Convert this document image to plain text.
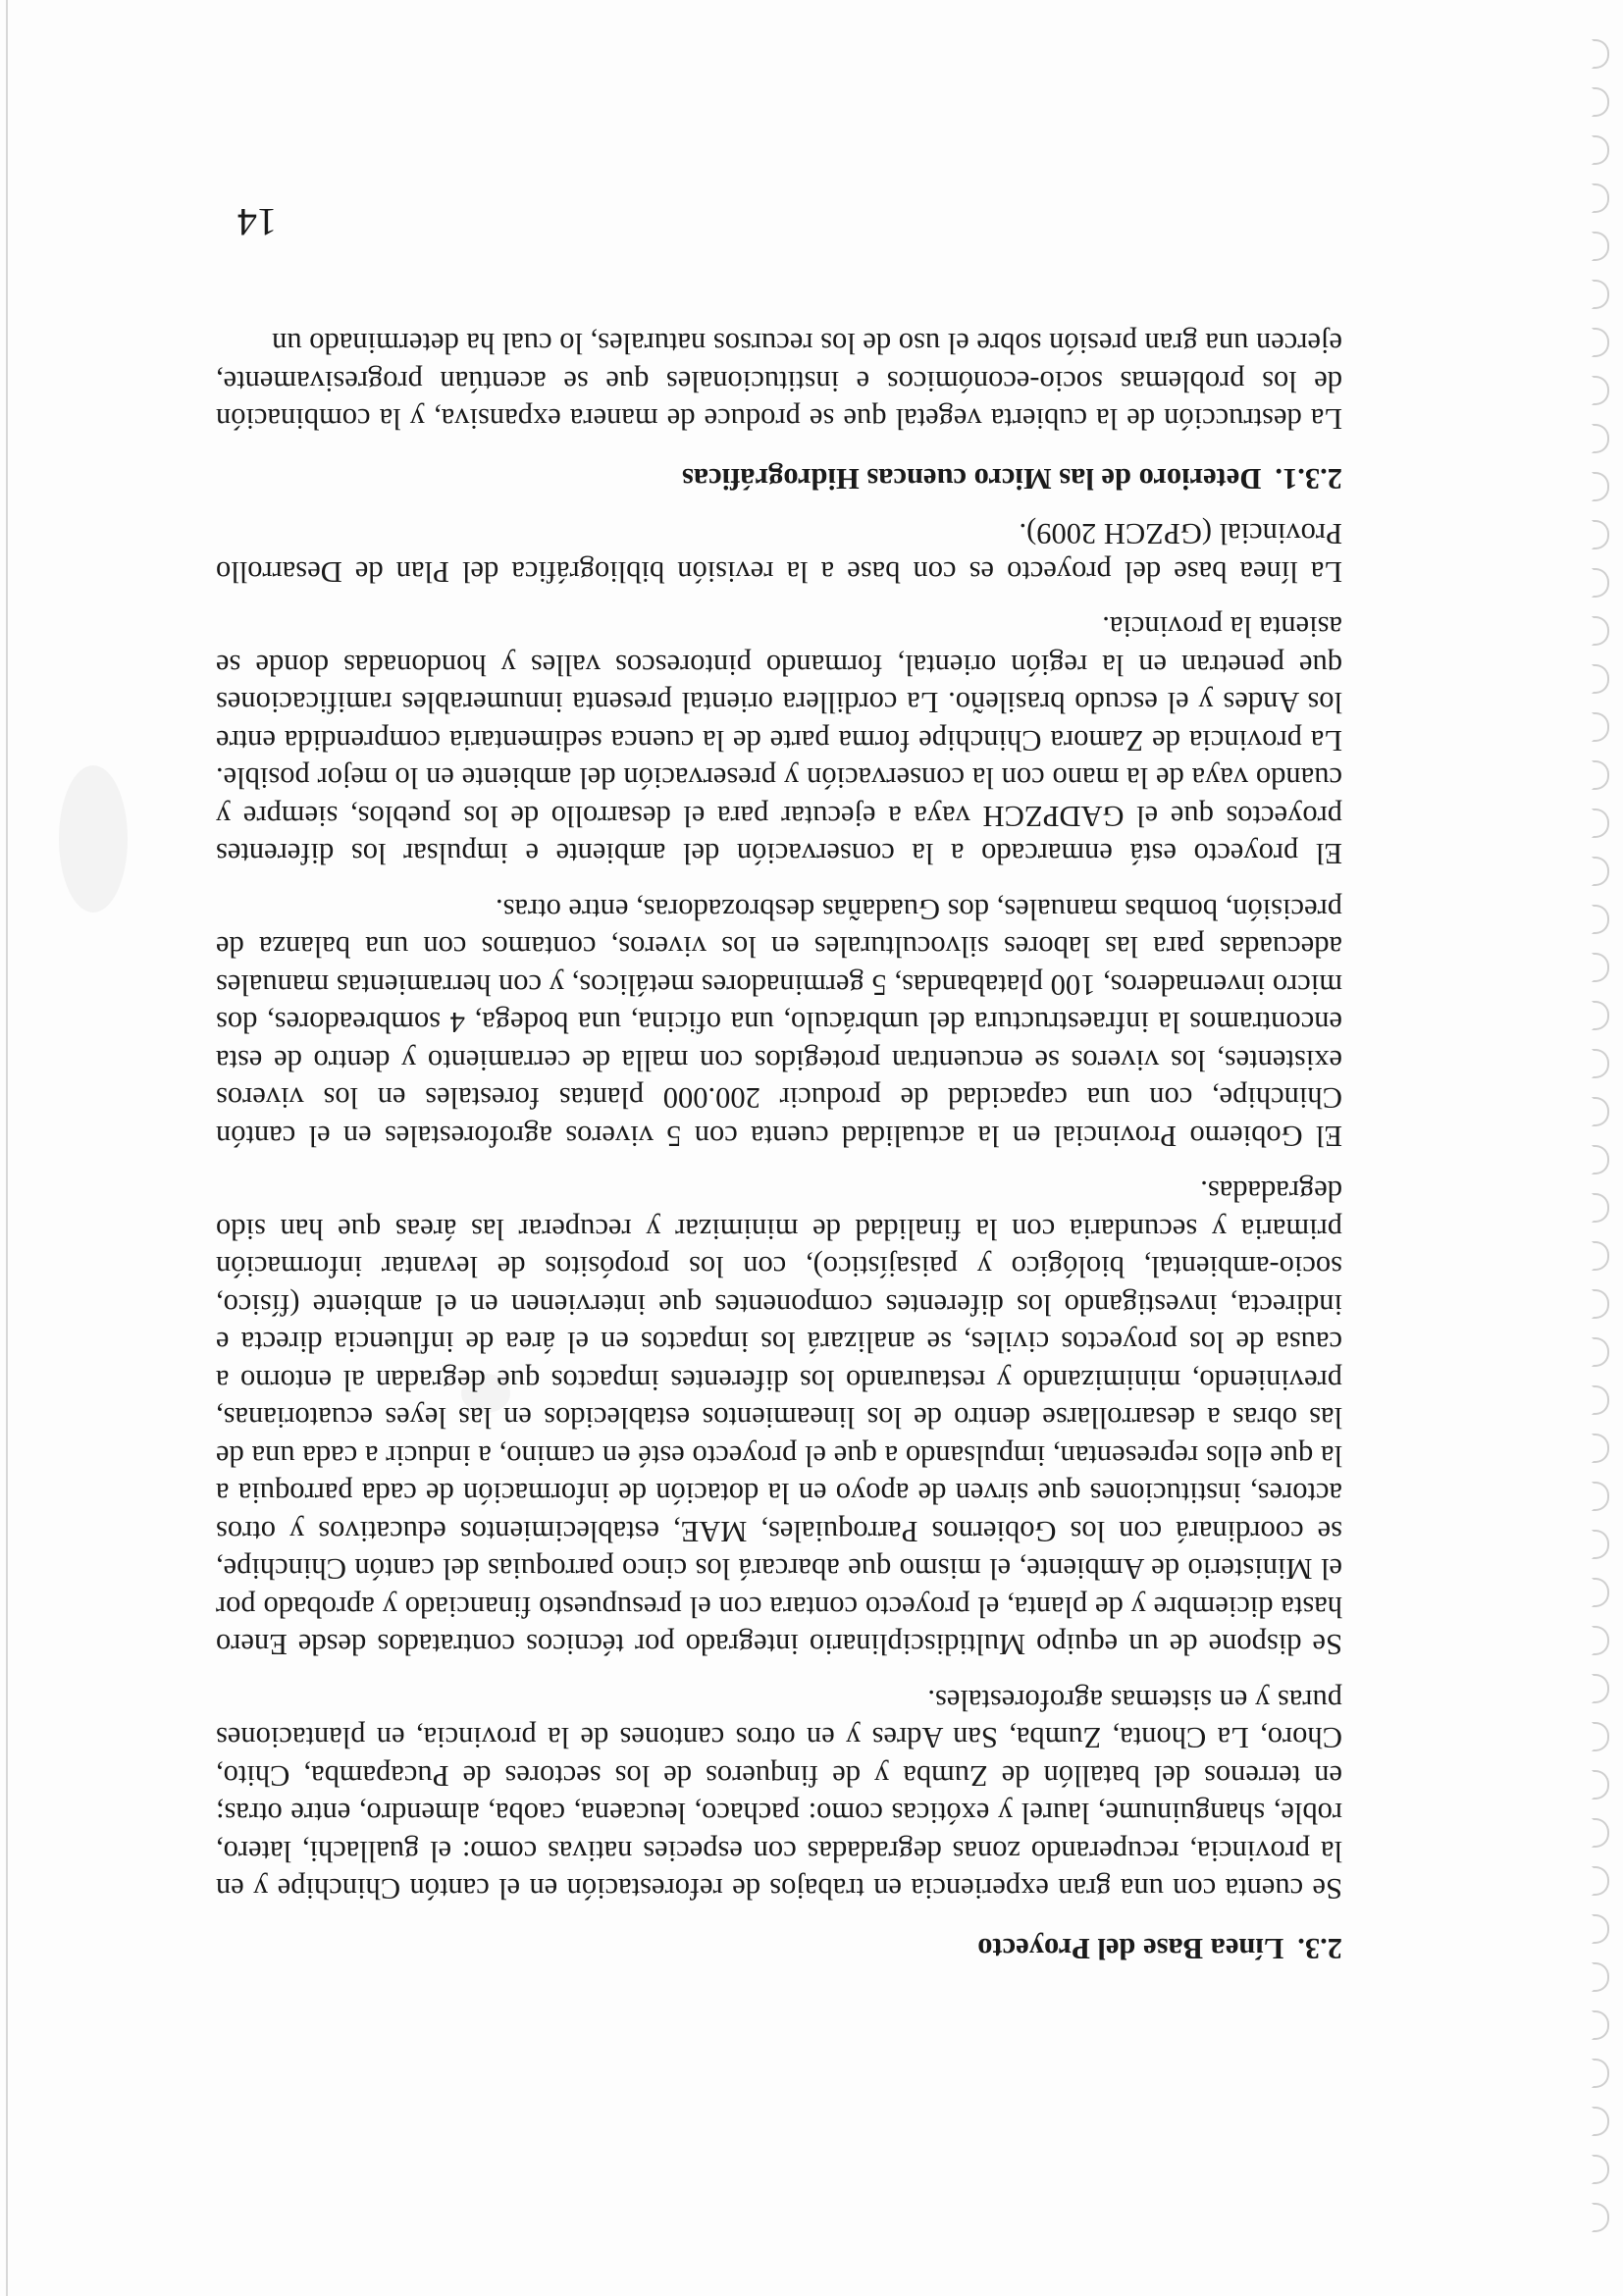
2.3.Línea Base del Proyecto

Se cuenta con una gran experiencia en trabajos de reforestación en el cantón Chinchipe y en la provincia, recuperando zonas degradadas con especies nativas como: el guallachi, latero, roble, shanguinume, laurel y exóticas como: pachaco, leucaena, caoba, almendro, entre otras; en terrenos del batallón de Zumba y de finqueros de los sectores de Pucapamba, Chito, Choro, La Chonta, Zumba, San Adres y en otros cantones de la provincia, en plantaciones puras y en sistemas agroforestales.

Se dispone de un equipo Multidisciplinario integrado por técnicos contratados desde Enero hasta diciembre y de planta, el proyecto contara con el presupuesto financiado y aprobado por el Ministerio de Ambiente, el mismo que abarcará los cinco parroquias del cantón Chinchipe, se coordinará con los Gobiernos Parroquiales, MAE, establecimientos educativos y otros actores, instituciones que sirven de apoyo en la dotación de información de cada parroquia a la que ellos representan, impulsando a que el proyecto esté en camino, a inducir a cada una de las obras a desarrollarse dentro de los lineamientos establecidos en las leyes ecuatorianas, previniendo, minimizando y restaurando los diferentes impactos que degradan al entorno a causa de los proyectos civiles, se analizará los impactos en el área de influencia directa e indirecta, investigando los diferentes componentes que intervienen en el ambiente (físico, socio-ambiental, biológico y paisajístico), con los propósitos de levantar información primaria y secundaria con la finalidad de minimizar y recuperar las áreas que han sido degradadas.

El Gobierno Provincial en la actualidad cuenta con 5 viveros agroforestales en el cantón Chinchipe, con una capacidad de producir 200.000 plantas forestales en los viveros existentes, los viveros se encuentran protegidos con malla de cerramiento y dentro de esta encontramos la infraestructura del umbráculo, una oficina, una bodega, 4 sombreadores, dos micro invernaderos, 100 platabandas, 5 germinadores metálicos, y con herramientas manuales adecuadas para las labores silvoculturales en los viveros, contamos con una balanza de precisión, bombas manuales, dos Guadañas desbrozadoras, entre otras.

El proyecto está enmarcado a la conservación del ambiente e impulsar los diferentes proyectos que el GADPZCH vaya a ejecutar para el desarrollo de los pueblos, siempre y cuando vaya de la mano con la conservación y preservación del ambiente en lo mejor posible. La provincia de Zamora Chinchipe forma parte de la cuenca sedimentaria comprendida entre los Andes y el escudo brasileño. La cordillera oriental presenta innumerables ramificaciones que penetran en la región oriental, formando pintorescos valles y hondonadas donde se asienta la provincia.

La línea base del proyecto es con base a la revisión bibliográfica del Plan de Desarrollo Provincial (GPZCH 2009).

2.3.1.Deterioro de las Micro cuencas Hidrográficas

La destrucción de la cubierta vegetal que se produce de manera expansiva, y la combinación de los problemas socio-económicos e institucionales que se acentúan progresivamente, ejercen una gran presión sobre el uso de los recursos naturales, lo cual ha determinado un

14
